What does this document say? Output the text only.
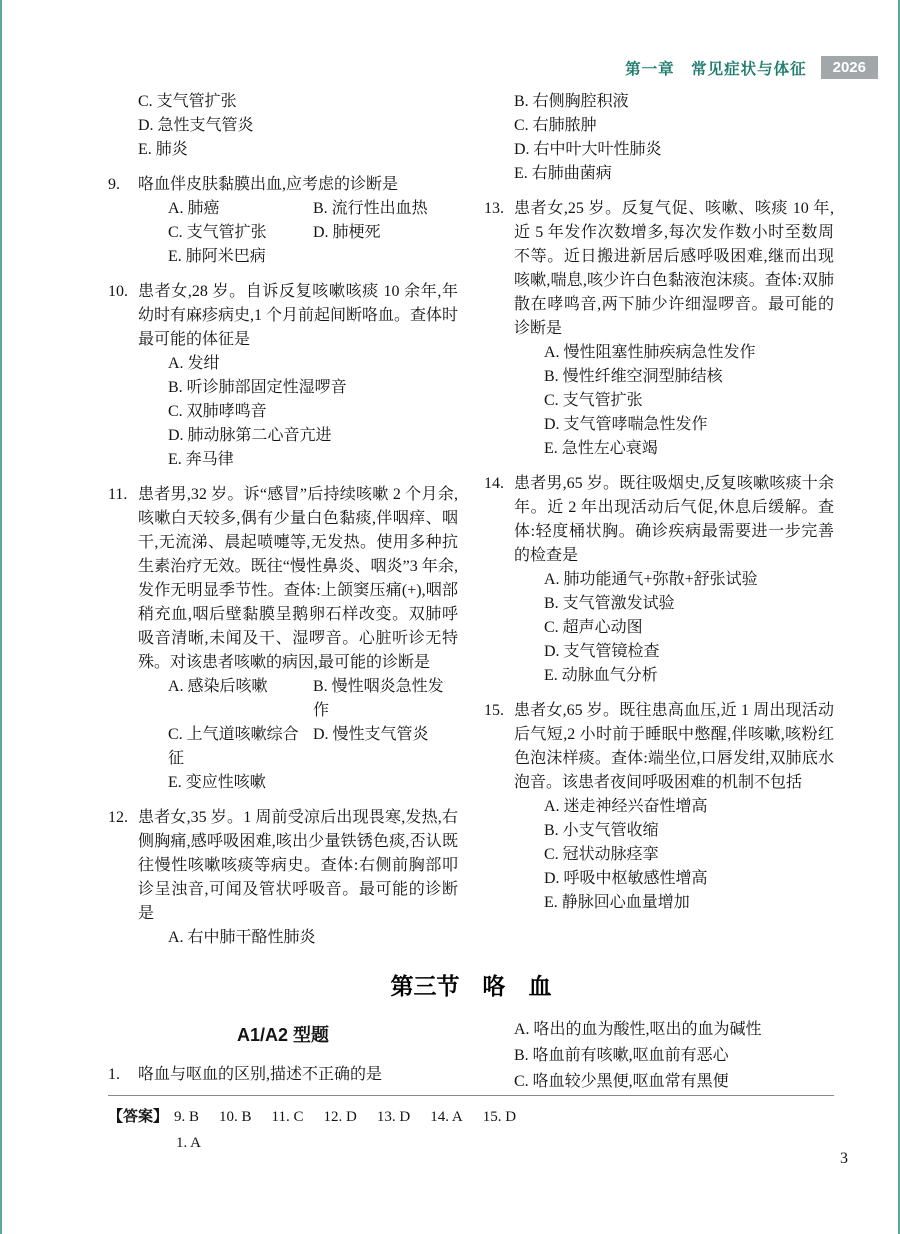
第一章　常见症状与体征	2026
C. 支气管扩张
D. 急性支气管炎
E. 肺炎
9.	咯血伴皮肤黏膜出血,应考虑的诊断是
A. 肺癌	B. 流行性出血热
C. 支气管扩张	D. 肺梗死
E. 肺阿米巴病
10. 患者女,28 岁。自诉反复咳嗽咳痰 10 余年,年幼时有麻疹病史,1 个月前起间断咯血。查体时最可能的体征是
A. 发绀
B. 听诊肺部固定性湿啰音
C. 双肺哮鸣音
D. 肺动脉第二心音亢进
E. 奔马律
11. 患者男,32 岁。诉“感冒”后持续咳嗽 2 个月余,咳嗽白天较多,偶有少量白色黏痰,伴咽痒、咽干,无流涕、晨起喷嚏等,无发热。使用多种抗生素治疗无效。既往“慢性鼻炎、咽炎”3 年余,发作无明显季节性。查体:上颌窦压痛(+),咽部稍充血,咽后壁黏膜呈鹅卵石样改变。双肺呼吸音清晰,未闻及干、湿啰音。心脏听诊无特殊。对该患者咳嗽的病因,最可能的诊断是
A. 感染后咳嗽	B. 慢性咽炎急性发作
C. 上气道咳嗽综合征
D. 慢性支气管炎
E. 变应性咳嗽
12. 患者女,35 岁。1 周前受凉后出现畏寒,发热,右侧胸痛,感呼吸困难,咳出少量铁锈色痰,否认既往慢性咳嗽咳痰等病史。查体:右侧前胸部叩诊呈浊音,可闻及管状呼吸音。最可能的诊断是
A. 右中肺干酪性肺炎
B. 右侧胸腔积液
C. 右肺脓肿
D. 右中叶大叶性肺炎
E. 右肺曲菌病
13. 患者女,25 岁。反复气促、咳嗽、咳痰 10 年,近 5 年发作次数增多,每次发作数小时至数周不等。近日搬进新居后感呼吸困难,继而出现咳嗽,喘息,咳少许白色黏液泡沫痰。查体:双肺散在哮鸣音,两下肺少许细湿啰音。最可能的诊断是
A. 慢性阻塞性肺疾病急性发作
B. 慢性纤维空洞型肺结核
C. 支气管扩张
D. 支气管哮喘急性发作
E. 急性左心衰竭
14. 患者男,65 岁。既往吸烟史,反复咳嗽咳痰十余年。近 2 年出现活动后气促,休息后缓解。查体:轻度桶状胸。确诊疾病最需要进一步完善的检查是
A. 肺功能通气+弥散+舒张试验
B. 支气管激发试验
C. 超声心动图
D. 支气管镜检查
E. 动脉血气分析
15. 患者女,65 岁。既往患高血压,近 1 周出现活动后气短,2 小时前于睡眠中憋醒,伴咳嗽,咳粉红色泡沫样痰。查体:端坐位,口唇发绀,双肺底水泡音。该患者夜间呼吸困难的机制不包括
A. 迷走神经兴奋性增高
B. 小支气管收缩
C. 冠状动脉痉挛
D. 呼吸中枢敏感性增高
E. 静脉回心血量增加
第三节　咯　血
A1/A2 型题
1.	咯血与呕血的区别,描述不正确的是
A. 咯出的血为酸性,呕出的血为碱性
B. 咯血前有咳嗽,呕血前有恶心
C. 咯血较少黑便,呕血常有黑便
【答案】 9. B 10. B 11. C 12. D 13. D 14. A 15. D
1. A
3
